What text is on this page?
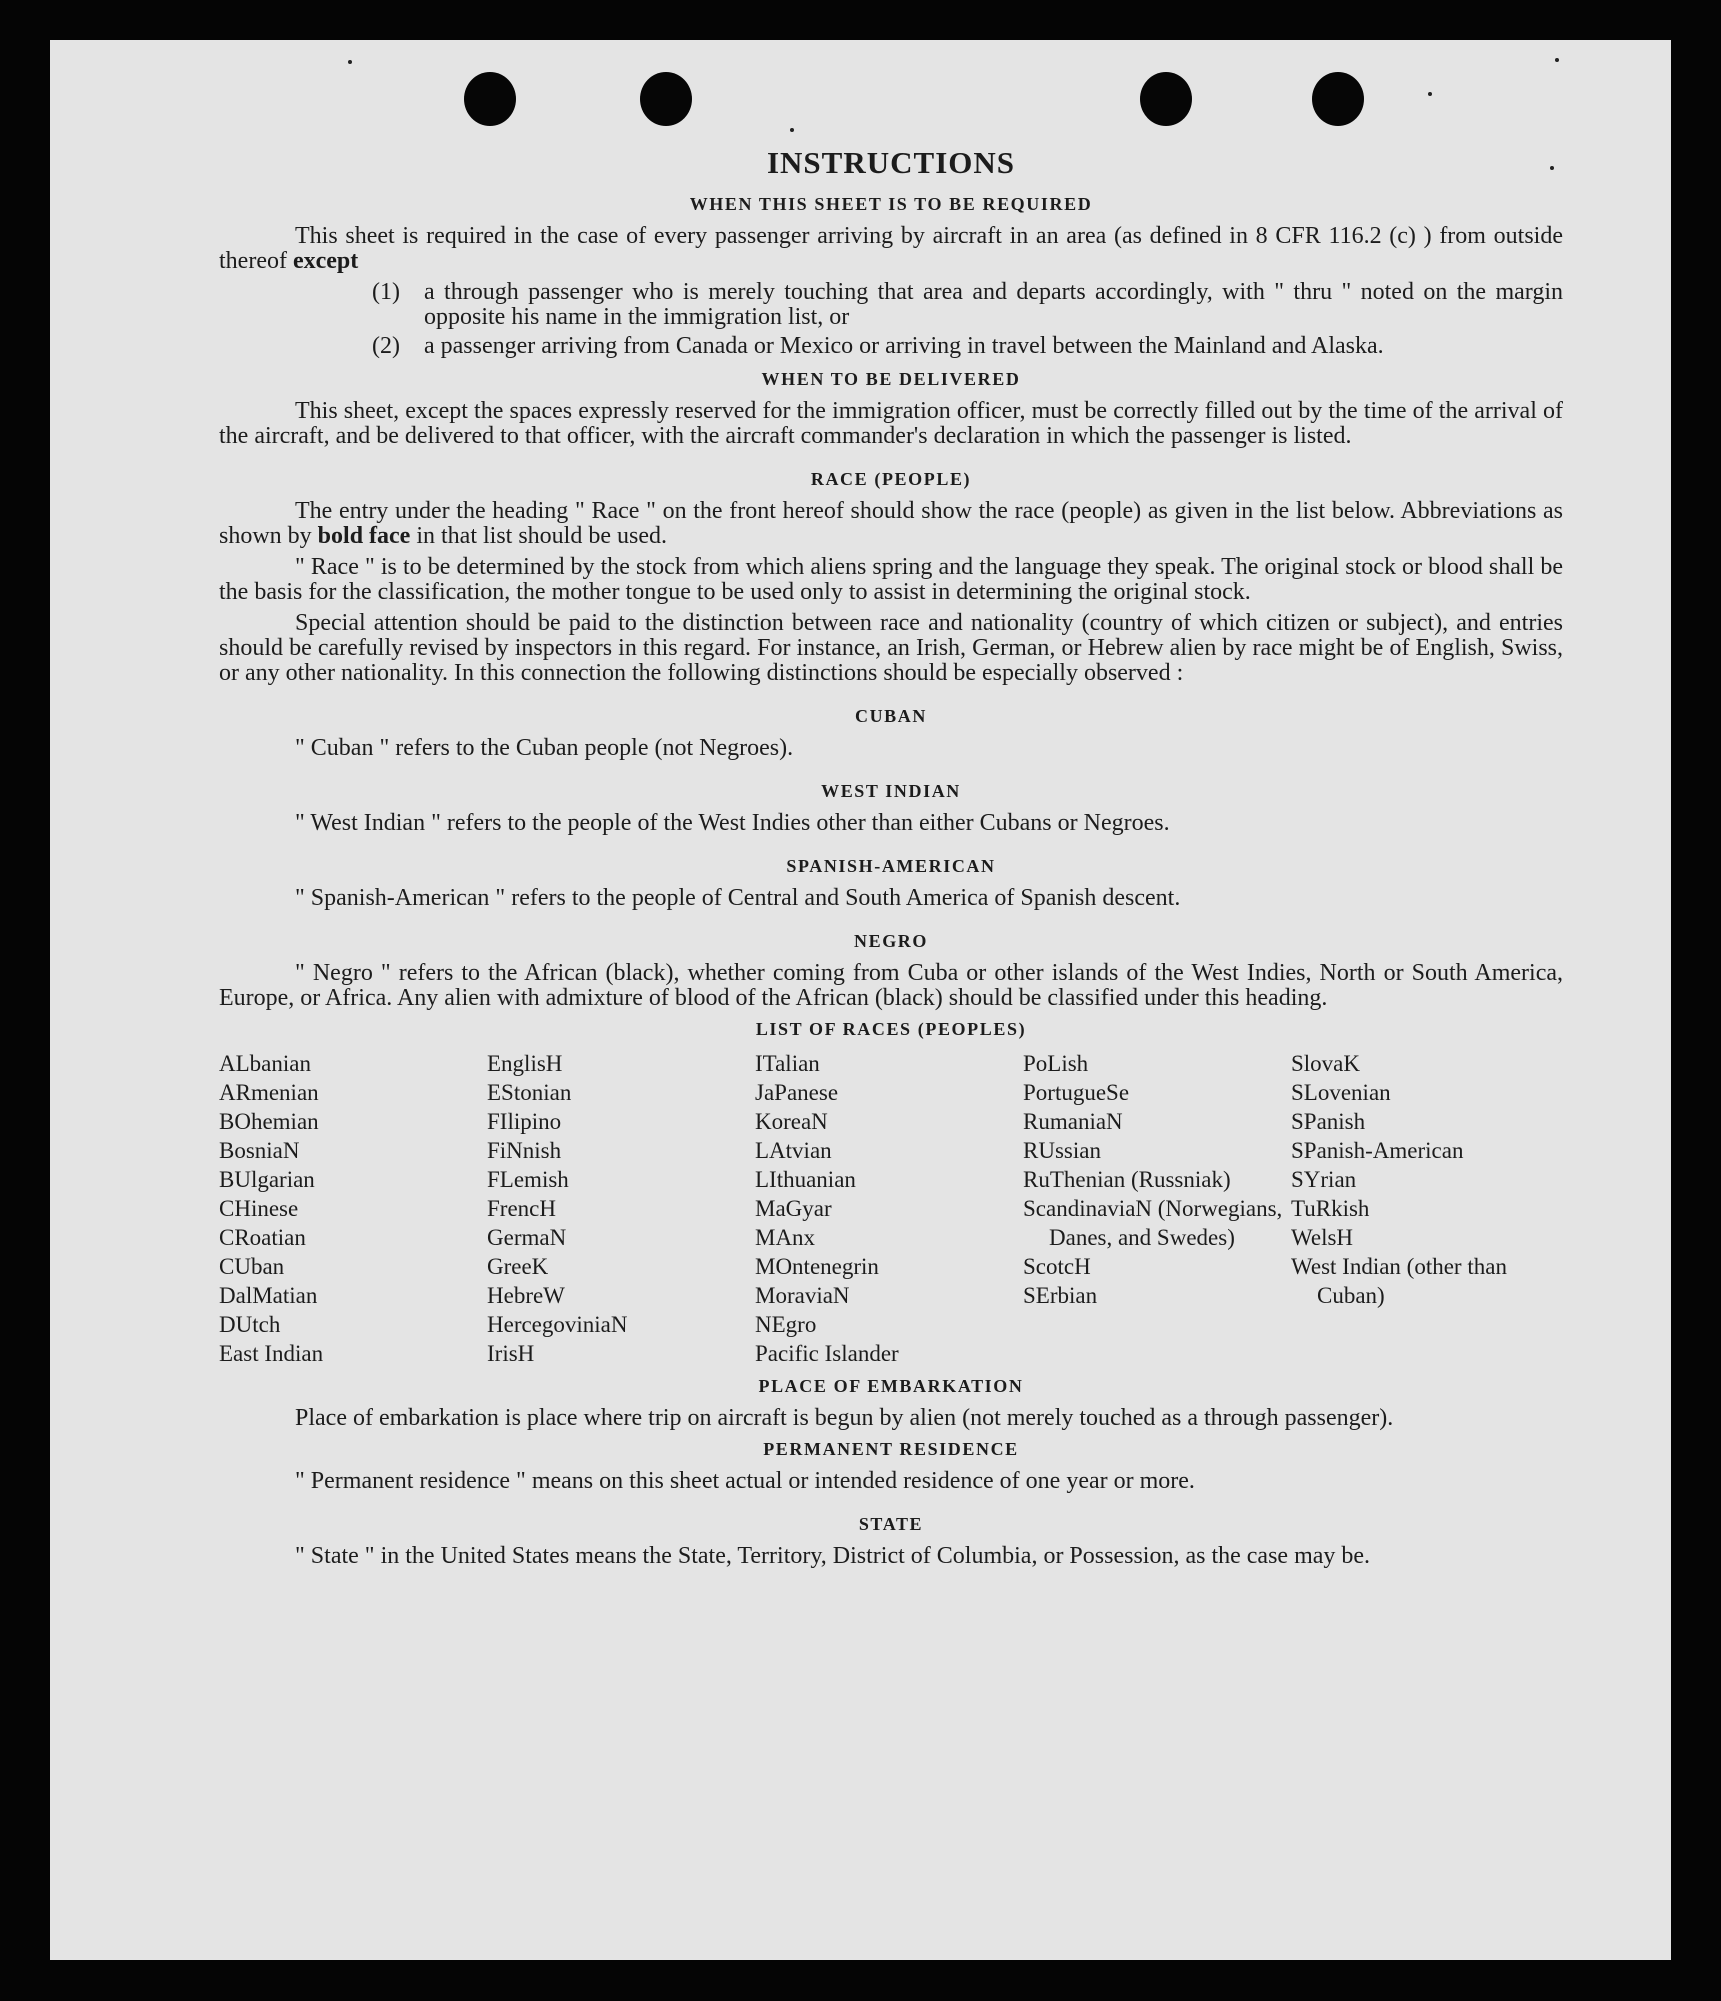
INSTRUCTIONS
WHEN THIS SHEET IS TO BE REQUIRED

This sheet is required in the case of every passenger arriving by aircraft in an area (as defined in 8 CFR 116.2 (c) ) from outside thereof except

(1)	a through passenger who is merely touching that area and departs accordingly, with " thru " noted on the margin opposite his name in the immigration list, or
(2)	a passenger arriving from Canada or Mexico or arriving in travel between the Mainland and Alaska.
WHEN TO BE DELIVERED

This sheet, except the spaces expressly reserved for the immigration officer, must be correctly filled out by the time of the arrival of the aircraft, and be delivered to that officer, with the aircraft commander's declaration in which the passenger is listed.

RACE (PEOPLE)

The entry under the heading " Race " on the front hereof should show the race (people) as given in the list below. Abbreviations as shown by bold face in that list should be used.

" Race " is to be determined by the stock from which aliens spring and the language they speak. The original stock or blood shall be the basis for the classification, the mother tongue to be used only to assist in determining the original stock.

Special attention should be paid to the distinction between race and nationality (country of which citizen or subject), and entries should be carefully revised by inspectors in this regard. For instance, an Irish, German, or Hebrew alien by race might be of English, Swiss, or any other nationality. In this connection the following distinctions should be especially observed :

CUBAN

" Cuban " refers to the Cuban people (not Negroes).

WEST INDIAN

" West Indian " refers to the people of the West Indies other than either Cubans or Negroes.

SPANISH-AMERICAN

" Spanish-American " refers to the people of Central and South America of Spanish descent.

NEGRO

" Negro " refers to the African (black), whether coming from Cuba or other islands of the West Indies, North or South America, Europe, or Africa. Any alien with admixture of blood of the African (black) should be classified under this heading.

LIST OF RACES (PEOPLES)
ALbanian
ARmenian
BOhemian
BosniaN
BUlgarian
CHinese
CRoatian
CUban
DalMatian
DUtch
East Indian
EnglisH
EStonian
FIlipino
FiNnish
FLemish
FrencH
GermaN
GreeK
HebreW
HercegoviniaN
IrisH
ITalian
JaPanese
KoreaN
LAtvian
LIthuanian
MaGyar
MAnx
MOntenegrin
MoraviaN
NEgro
Pacific Islander
PoLish
PortugueSe
RumaniaN
RUssian
RuThenian (Russniak)
ScandinaviaN (Norwegians, Danes, and Swedes)
ScotcH
SErbian
SlovaK
SLovenian
SPanish
SPanish-American
SYrian
TuRkish
WelsH
West Indian (other than Cuban)
PLACE OF EMBARKATION

Place of embarkation is place where trip on aircraft is begun by alien (not merely touched as a through passenger).

PERMANENT RESIDENCE

" Permanent residence " means on this sheet actual or intended residence of one year or more.

STATE

" State " in the United States means the State, Territory, District of Columbia, or Possession, as the case may be.
